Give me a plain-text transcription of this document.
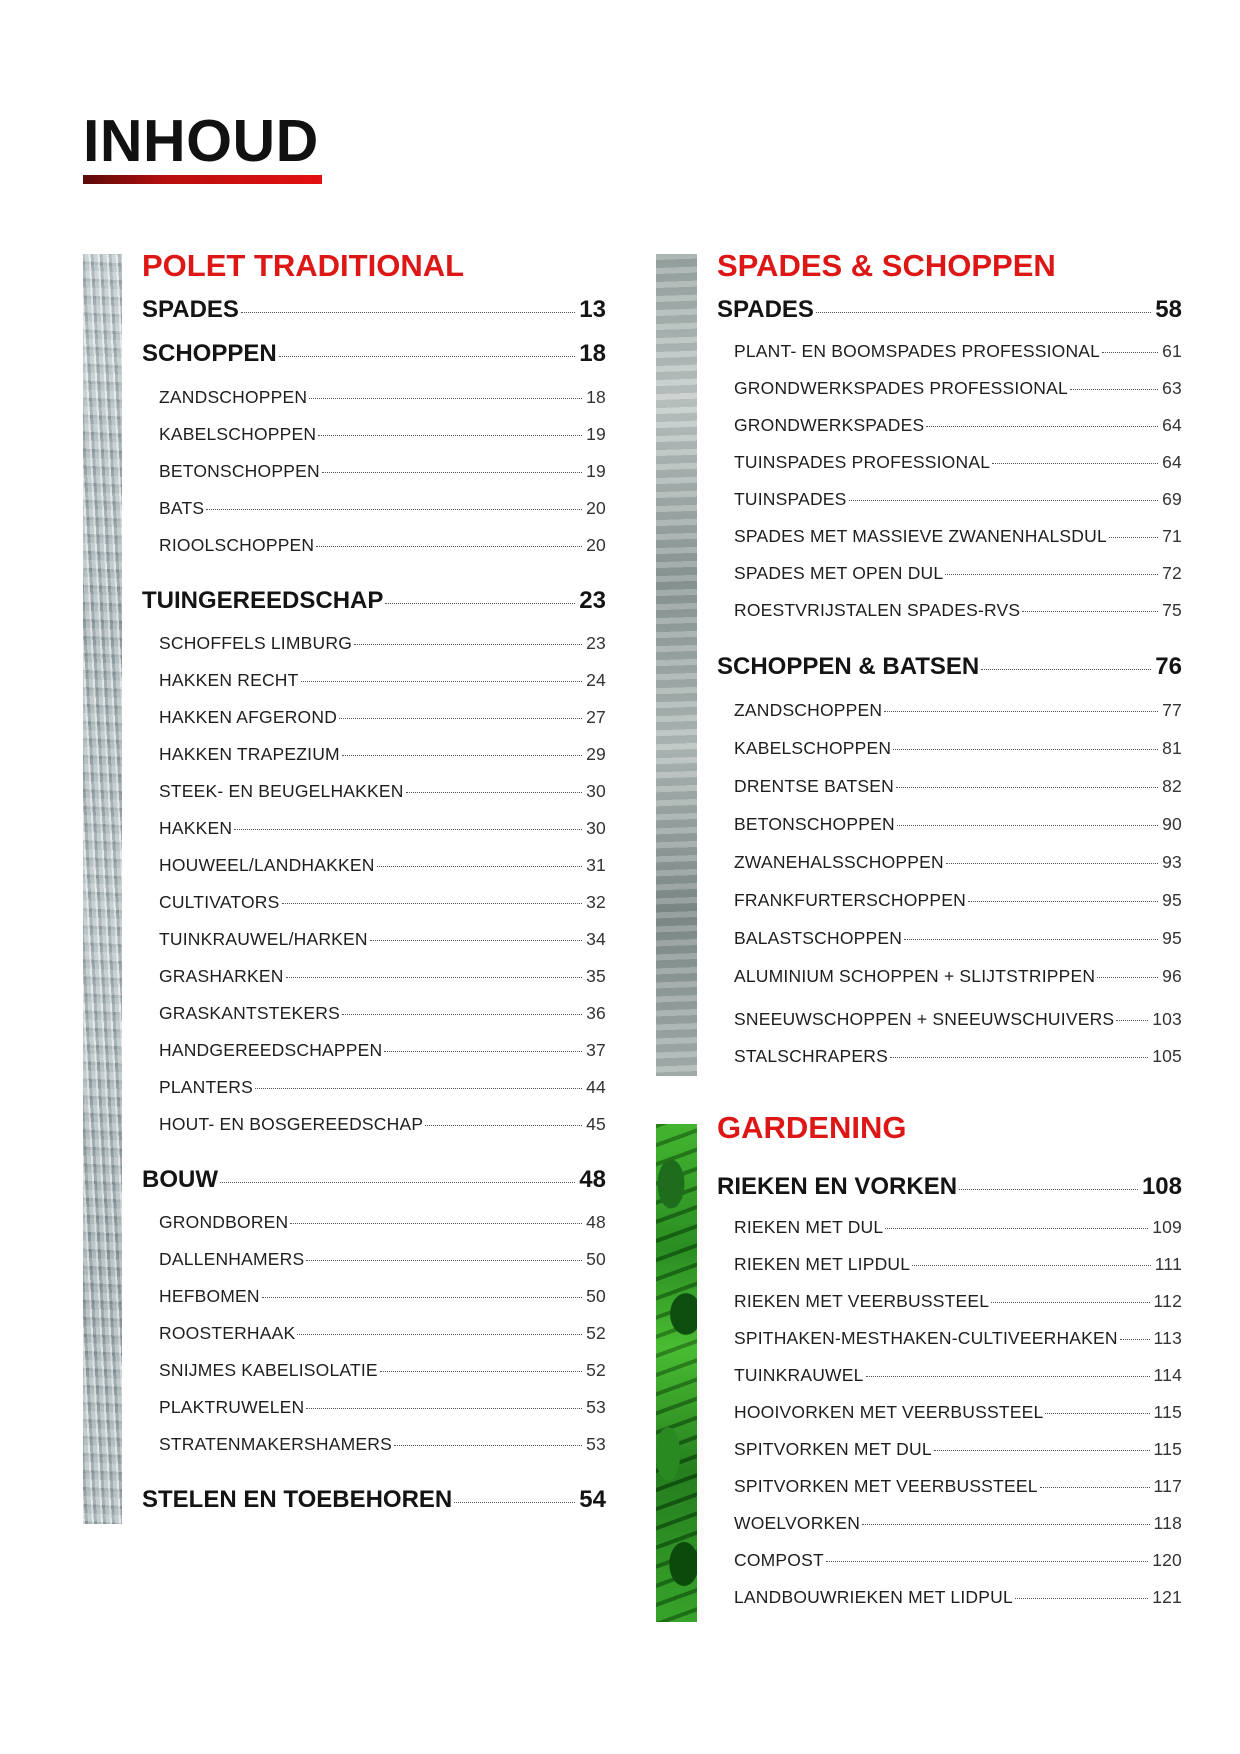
INHOUD
POLET TRADITIONAL
SPADES	13
SCHOPPEN	18
ZANDSCHOPPEN	18
KABELSCHOPPEN	19
BETONSCHOPPEN	19
BATS	20
RIOOLSCHOPPEN	20
TUINGEREEDSCHAP	23
SCHOFFELS LIMBURG	23
HAKKEN RECHT	24
HAKKEN AFGEROND	27
HAKKEN TRAPEZIUM	29
STEEK- EN BEUGELHAKKEN	30
HAKKEN	30
HOUWEEL/LANDHAKKEN	31
CULTIVATORS	32
TUINKRAUWEL/HARKEN	34
GRASHARKEN	35
GRASKANTSTEKERS	36
HANDGEREEDSCHAPPEN	37
PLANTERS	44
HOUT- EN BOSGEREEDSCHAP	45
BOUW	48
GRONDBOREN	48
DALLENHAMERS	50
HEFBOMEN	50
ROOSTERHAAK	52
SNIJMES KABELISOLATIE	52
PLAKTRUWELEN	53
STRATENMAKERSHAMERS	53
STELEN EN TOEBEHOREN	54
SPADES & SCHOPPEN
SPADES	58
PLANT- EN BOOMSPADES PROFESSIONAL	61
GRONDWERKSPADES PROFESSIONAL	63
GRONDWERKSPADES	64
TUINSPADES PROFESSIONAL	64
TUINSPADES	69
SPADES MET MASSIEVE ZWANENHALSDUL	71
SPADES MET OPEN DUL	72
ROESTVRIJSTALEN SPADES-RVS	75
SCHOPPEN & BATSEN	76
ZANDSCHOPPEN	77
KABELSCHOPPEN	81
DRENTSE BATSEN	82
BETONSCHOPPEN	90
ZWANEHALSSCHOPPEN	93
FRANKFURTERSCHOPPEN	95
BALASTSCHOPPEN	95
ALUMINIUM SCHOPPEN + SLIJTSTRIPPEN	96
SNEEUWSCHOPPEN + SNEEUWSCHUIVERS 103
STALSCHRAPERS	105
GARDENING
RIEKEN EN VORKEN	108
RIEKEN MET DUL	109
RIEKEN MET LIPDUL	111
RIEKEN MET VEERBUSSTEEL	112
SPITHAKEN-MESTHAKEN-CULTIVEERHAKEN 113
TUINKRAUWEL	114
HOOIVORKEN MET VEERBUSSTEEL	115
SPITVORKEN MET DUL	115
SPITVORKEN MET VEERBUSSTEEL	117
WOELVORKEN	118
COMPOST	120
LANDBOUWRIEKEN MET LIDPUL	121
